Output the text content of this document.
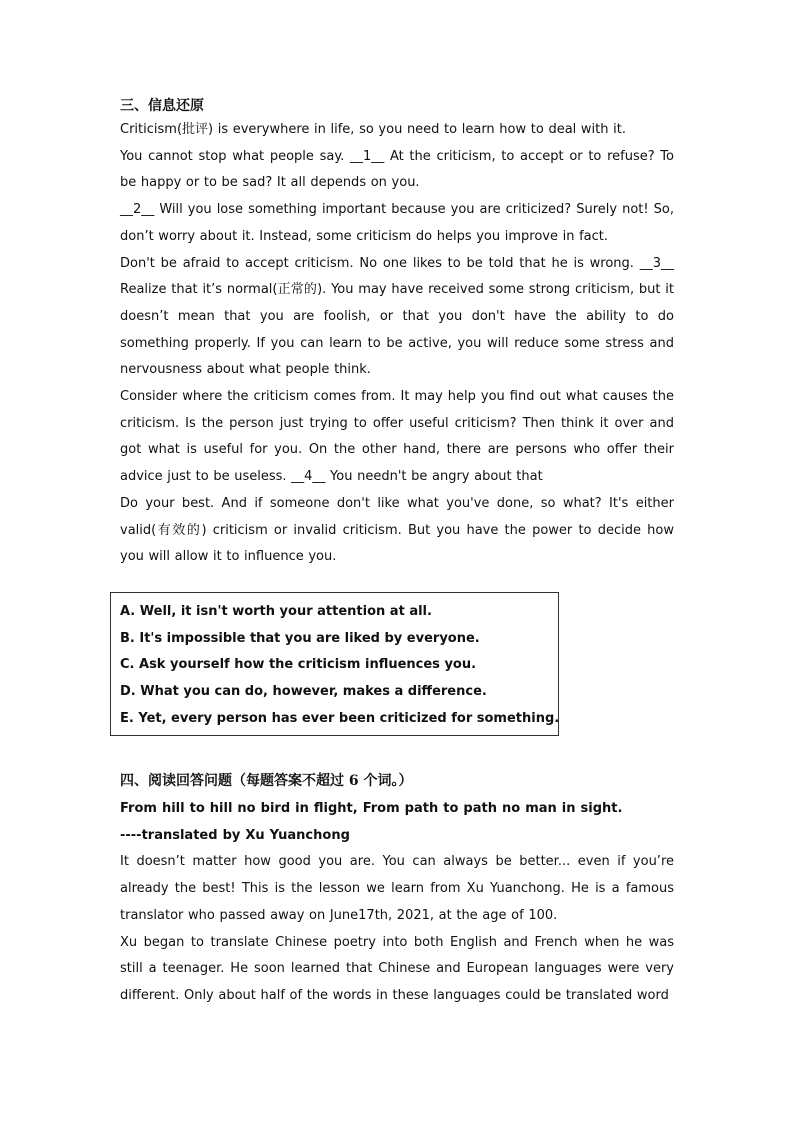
三、信息还原

Criticism(批评) is everywhere in life, so you need to learn how to deal with it.

You cannot stop what people say. __1__ At the criticism, to accept or to refuse? To be happy or to be sad? It all depends on you.

__2__ Will you lose something important because you are criticized? Surely not! So, don’t worry about it. Instead, some criticism do helps you improve in fact.

Don't be afraid to accept criticism. No one likes to be told that he is wrong. __3__ Realize that it’s normal(正常的). You may have received some strong criticism, but it doesn’t mean that you are foolish, or that you don't have the ability to do something properly. If you can learn to be active, you will reduce some stress and nervousness about what people think.

Consider where the criticism comes from. It may help you find out what causes the criticism. Is the person just trying to offer useful criticism? Then think it over and got what is useful for you. On the other hand, there are persons who offer their advice just to be useless. __4__ You needn't be angry about that

Do your best. And if someone don't like what you've done, so what? It's either valid(有效的) criticism or invalid criticism. But you have the power to decide how you will allow it to influence you.

A. Well, it isn't worth your attention at all.

B. It's impossible that you are liked by everyone.

C. Ask yourself how the criticism influences you.

D. What you can do, however, makes a difference.

E. Yet, every person has ever been criticized for something.

四、阅读回答问题（每题答案不超过 6 个词。）

From hill to hill no bird in flight, From path to path no man in sight.

----translated by Xu Yuanchong

It doesn’t matter how good you are. You can always be better... even if you’re already the best! This is the lesson we learn from Xu Yuanchong. He is a famous translator who passed away on June17th, 2021, at the age of 100.

Xu began to translate Chinese poetry into both English and French when he was still a teenager. He soon learned that Chinese and European languages were very different. Only about half of the words in these languages could be translated word
